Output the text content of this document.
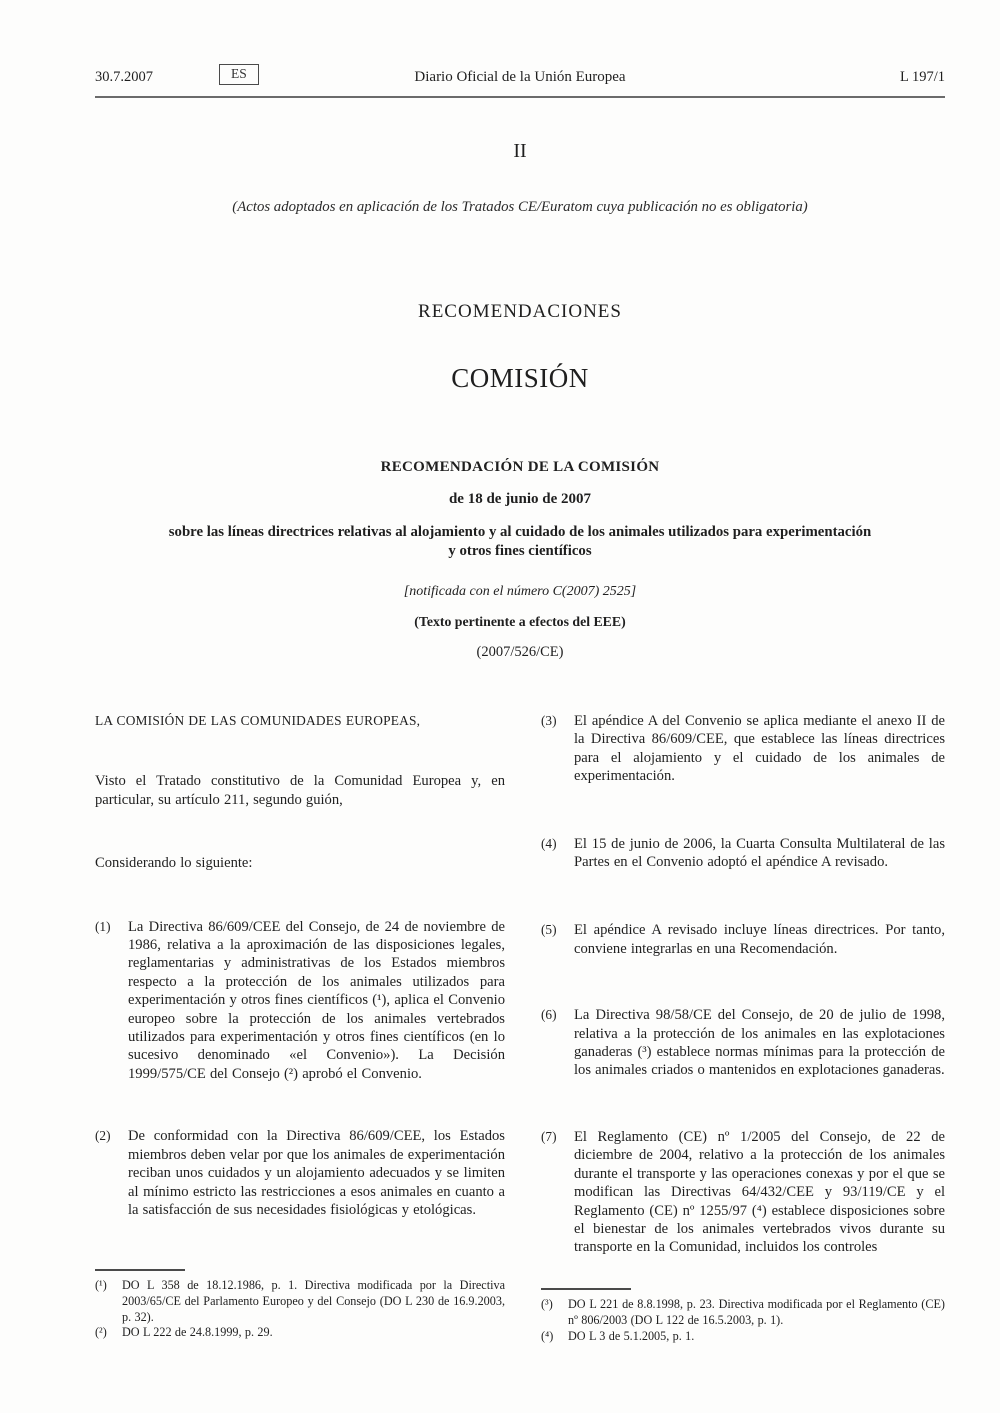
30.7.2007	ES	Diario Oficial de la Unión Europea	L 197/1
II
(Actos adoptados en aplicación de los Tratados CE/Euratom cuya publicación no es obligatoria)
RECOMENDACIONES
COMISIÓN
RECOMENDACIÓN DE LA COMISIÓN
de 18 de junio de 2007
sobre las líneas directrices relativas al alojamiento y al cuidado de los animales utilizados para experimentación y otros fines científicos
[notificada con el número C(2007) 2525]
(Texto pertinente a efectos del EEE)
(2007/526/CE)

LA COMISIÓN DE LAS COMUNIDADES EUROPEAS,

Visto el Tratado constitutivo de la Comunidad Europea y, en particular, su artículo 211, segundo guión,

Considerando lo siguiente:

(1)	La Directiva 86/609/CEE del Consejo, de 24 de noviembre de 1986, relativa a la aproximación de las disposiciones legales, reglamentarias y administrativas de los Estados miembros respecto a la protección de los animales utilizados para experimentación y otros fines científicos (¹), aplica el Convenio europeo sobre la protección de los animales vertebrados utilizados para experimentación y otros fines científicos (en lo sucesivo denominado «el Convenio»). La Decisión 1999/575/CE del Consejo (²) aprobó el Convenio.
(2)	De conformidad con la Directiva 86/609/CEE, los Estados miembros deben velar por que los animales de experimentación reciban unos cuidados y un alojamiento adecuados y se limiten al mínimo estricto las restricciones a esos animales en cuanto a la satisfacción de sus necesidades fisiológicas y etológicas.
(3)	El apéndice A del Convenio se aplica mediante el anexo II de la Directiva 86/609/CEE, que establece las líneas directrices para el alojamiento y el cuidado de los animales de experimentación.
(4)	El 15 de junio de 2006, la Cuarta Consulta Multilateral de las Partes en el Convenio adoptó el apéndice A revisado.
(5)	El apéndice A revisado incluye líneas directrices. Por tanto, conviene integrarlas en una Recomendación.
(6)	La Directiva 98/58/CE del Consejo, de 20 de julio de 1998, relativa a la protección de los animales en las explotaciones ganaderas (³) establece normas mínimas para la protección de los animales criados o mantenidos en explotaciones ganaderas.
(7)	El Reglamento (CE) nº 1/2005 del Consejo, de 22 de diciembre de 2004, relativo a la protección de los animales durante el transporte y las operaciones conexas y por el que se modifican las Directivas 64/432/CEE y 93/119/CE y el Reglamento (CE) nº 1255/97 (⁴) establece disposiciones sobre el bienestar de los animales vertebrados vivos durante su transporte en la Comunidad, incluidos los controles
(¹) DO L 358 de 18.12.1986, p. 1. Directiva modificada por la Directiva 2003/65/CE del Parlamento Europeo y del Consejo (DO L 230 de 16.9.2003, p. 32).
(²) DO L 222 de 24.8.1999, p. 29.
(³) DO L 221 de 8.8.1998, p. 23. Directiva modificada por el Reglamento (CE) nº 806/2003 (DO L 122 de 16.5.2003, p. 1).
(⁴) DO L 3 de 5.1.2005, p. 1.
